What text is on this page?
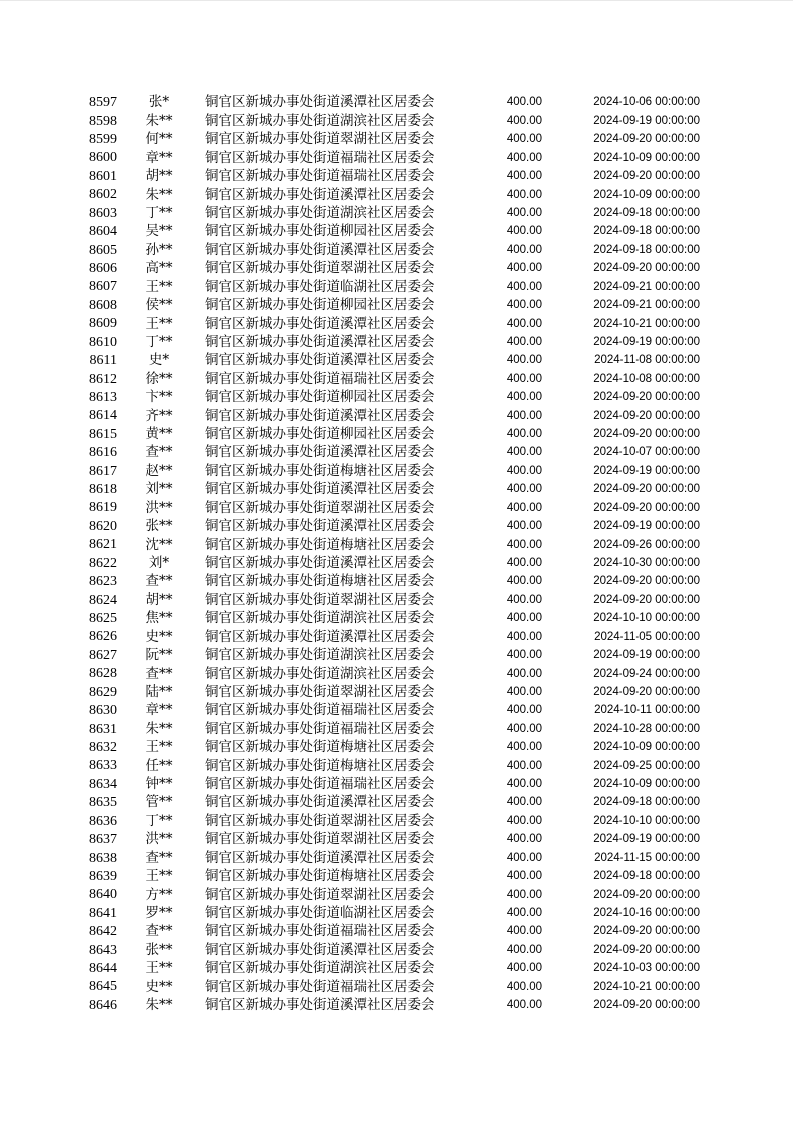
8597	张*	铜官区新城办事处街道溪潭社区居委会	400.00	2024-10-06 00:00:00
8598	朱**	铜官区新城办事处街道湖滨社区居委会	400.00	2024-09-19 00:00:00
8599	何**	铜官区新城办事处街道翠湖社区居委会	400.00	2024-09-20 00:00:00
8600	章**	铜官区新城办事处街道福瑞社区居委会	400.00	2024-10-09 00:00:00
8601	胡**	铜官区新城办事处街道福瑞社区居委会	400.00	2024-09-20 00:00:00
8602	朱**	铜官区新城办事处街道溪潭社区居委会	400.00	2024-10-09 00:00:00
8603	丁**	铜官区新城办事处街道湖滨社区居委会	400.00	2024-09-18 00:00:00
8604	吴**	铜官区新城办事处街道柳园社区居委会	400.00	2024-09-18 00:00:00
8605	孙**	铜官区新城办事处街道溪潭社区居委会	400.00	2024-09-18 00:00:00
8606	高**	铜官区新城办事处街道翠湖社区居委会	400.00	2024-09-20 00:00:00
8607	王**	铜官区新城办事处街道临湖社区居委会	400.00	2024-09-21 00:00:00
8608	侯**	铜官区新城办事处街道柳园社区居委会	400.00	2024-09-21 00:00:00
8609	王**	铜官区新城办事处街道溪潭社区居委会	400.00	2024-10-21 00:00:00
8610	丁**	铜官区新城办事处街道溪潭社区居委会	400.00	2024-09-19 00:00:00
8611	史*	铜官区新城办事处街道溪潭社区居委会	400.00	2024-11-08 00:00:00
8612	徐**	铜官区新城办事处街道福瑞社区居委会	400.00	2024-10-08 00:00:00
8613	卞**	铜官区新城办事处街道柳园社区居委会	400.00	2024-09-20 00:00:00
8614	齐**	铜官区新城办事处街道溪潭社区居委会	400.00	2024-09-20 00:00:00
8615	黄**	铜官区新城办事处街道柳园社区居委会	400.00	2024-09-20 00:00:00
8616	查**	铜官区新城办事处街道溪潭社区居委会	400.00	2024-10-07 00:00:00
8617	赵**	铜官区新城办事处街道梅塘社区居委会	400.00	2024-09-19 00:00:00
8618	刘**	铜官区新城办事处街道溪潭社区居委会	400.00	2024-09-20 00:00:00
8619	洪**	铜官区新城办事处街道翠湖社区居委会	400.00	2024-09-20 00:00:00
8620	张**	铜官区新城办事处街道溪潭社区居委会	400.00	2024-09-19 00:00:00
8621	沈**	铜官区新城办事处街道梅塘社区居委会	400.00	2024-09-26 00:00:00
8622	刘*	铜官区新城办事处街道溪潭社区居委会	400.00	2024-10-30 00:00:00
8623	查**	铜官区新城办事处街道梅塘社区居委会	400.00	2024-09-20 00:00:00
8624	胡**	铜官区新城办事处街道翠湖社区居委会	400.00	2024-09-20 00:00:00
8625	焦**	铜官区新城办事处街道湖滨社区居委会	400.00	2024-10-10 00:00:00
8626	史**	铜官区新城办事处街道溪潭社区居委会	400.00	2024-11-05 00:00:00
8627	阮**	铜官区新城办事处街道湖滨社区居委会	400.00	2024-09-19 00:00:00
8628	查**	铜官区新城办事处街道湖滨社区居委会	400.00	2024-09-24 00:00:00
8629	陆**	铜官区新城办事处街道翠湖社区居委会	400.00	2024-09-20 00:00:00
8630	章**	铜官区新城办事处街道福瑞社区居委会	400.00	2024-10-11 00:00:00
8631	朱**	铜官区新城办事处街道福瑞社区居委会	400.00	2024-10-28 00:00:00
8632	王**	铜官区新城办事处街道梅塘社区居委会	400.00	2024-10-09 00:00:00
8633	任**	铜官区新城办事处街道梅塘社区居委会	400.00	2024-09-25 00:00:00
8634	钟**	铜官区新城办事处街道福瑞社区居委会	400.00	2024-10-09 00:00:00
8635	管**	铜官区新城办事处街道溪潭社区居委会	400.00	2024-09-18 00:00:00
8636	丁**	铜官区新城办事处街道翠湖社区居委会	400.00	2024-10-10 00:00:00
8637	洪**	铜官区新城办事处街道翠湖社区居委会	400.00	2024-09-19 00:00:00
8638	查**	铜官区新城办事处街道溪潭社区居委会	400.00	2024-11-15 00:00:00
8639	王**	铜官区新城办事处街道梅塘社区居委会	400.00	2024-09-18 00:00:00
8640	方**	铜官区新城办事处街道翠湖社区居委会	400.00	2024-09-20 00:00:00
8641	罗**	铜官区新城办事处街道临湖社区居委会	400.00	2024-10-16 00:00:00
8642	查**	铜官区新城办事处街道福瑞社区居委会	400.00	2024-09-20 00:00:00
8643	张**	铜官区新城办事处街道溪潭社区居委会	400.00	2024-09-20 00:00:00
8644	王**	铜官区新城办事处街道湖滨社区居委会	400.00	2024-10-03 00:00:00
8645	史**	铜官区新城办事处街道福瑞社区居委会	400.00	2024-10-21 00:00:00
8646	朱**	铜官区新城办事处街道溪潭社区居委会	400.00	2024-09-20 00:00:00
